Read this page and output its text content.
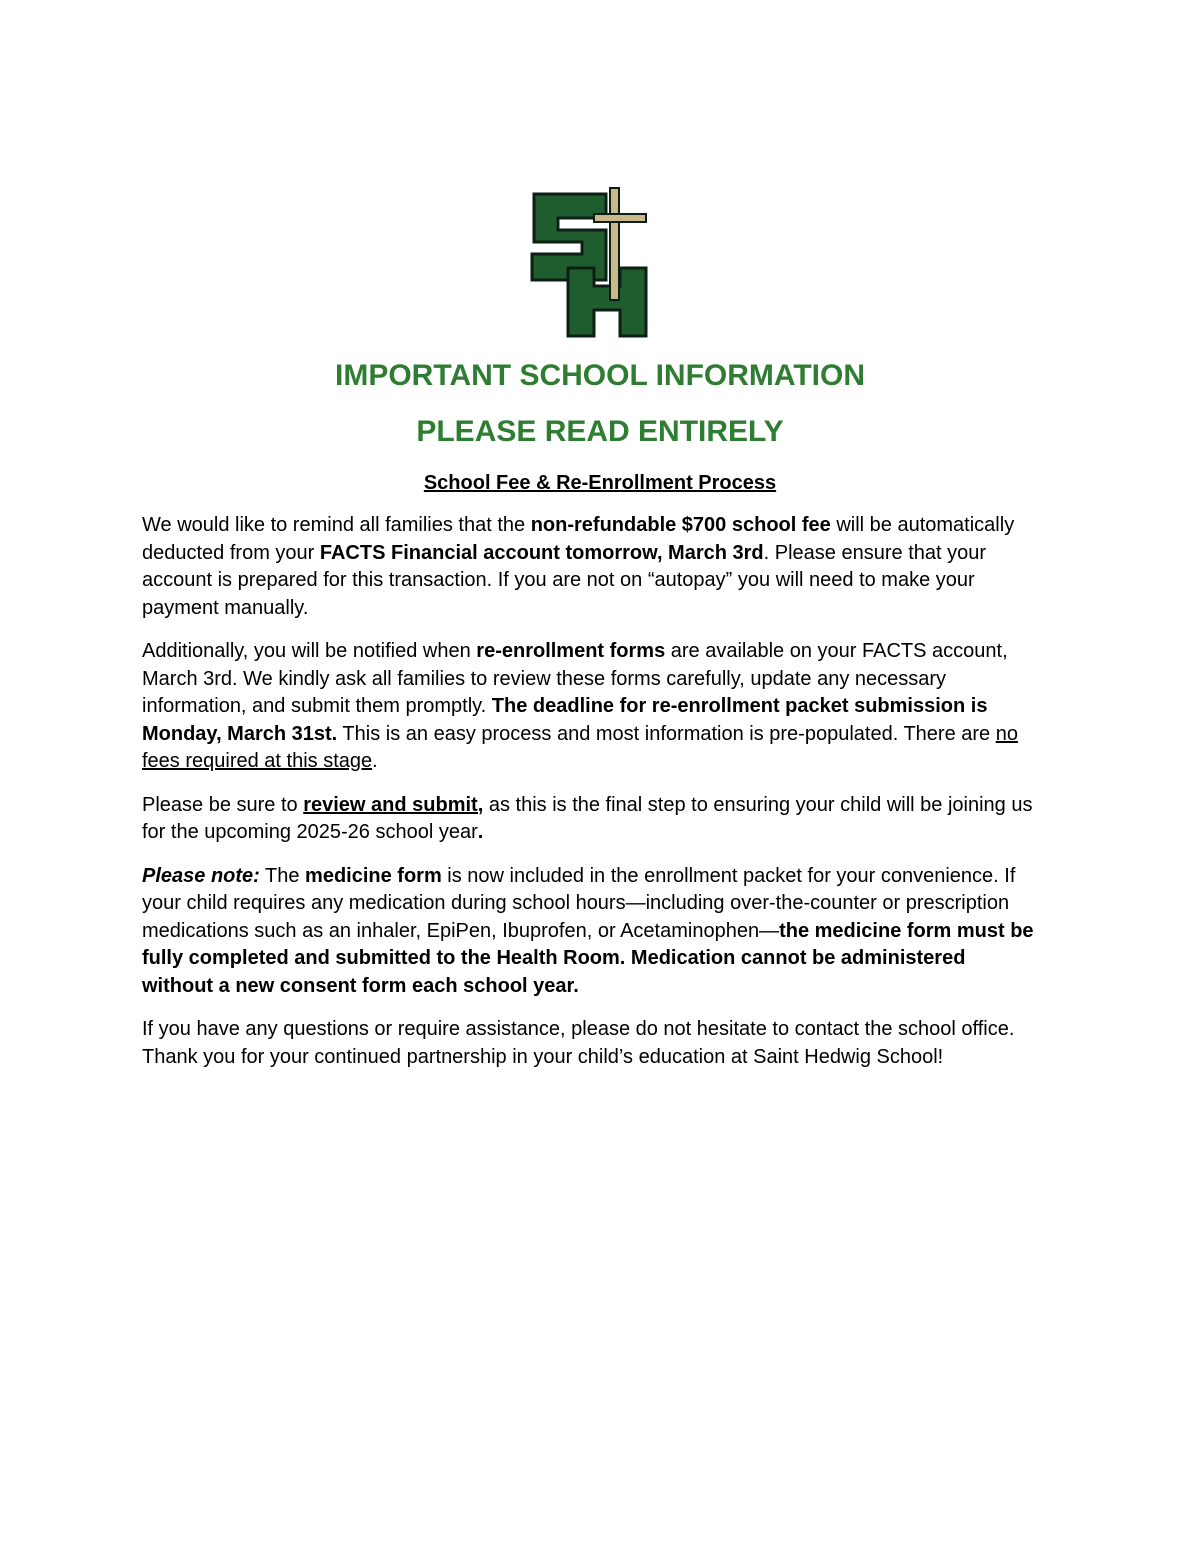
IMPORTANT SCHOOL INFORMATION
PLEASE READ ENTIRELY
School Fee & Re-Enrollment Process

We would like to remind all families that the non-refundable $700 school fee will be automatically deducted from your FACTS Financial account tomorrow, March 3rd. Please ensure that your account is prepared for this transaction. If you are not on “autopay” you will need to make your payment manually.

Additionally, you will be notified when re-enrollment forms are available on your FACTS account, March 3rd. We kindly ask all families to review these forms carefully, update any necessary information, and submit them promptly. The deadline for re-enrollment packet submission is Monday, March 31st. This is an easy process and most information is pre-populated. There are no fees required at this stage.

Please be sure to review and submit, as this is the final step to ensuring your child will be joining us for the upcoming 2025-26 school year.

Please note: The medicine form is now included in the enrollment packet for your convenience. If your child requires any medication during school hours—including over-the-counter or prescription medications such as an inhaler, EpiPen, Ibuprofen, or Acetaminophen—the medicine form must be fully completed and submitted to the Health Room. Medication cannot be administered without a new consent form each school year.

If you have any questions or require assistance, please do not hesitate to contact the school office.

Thank you for your continued partnership in your child’s education at Saint Hedwig School!
